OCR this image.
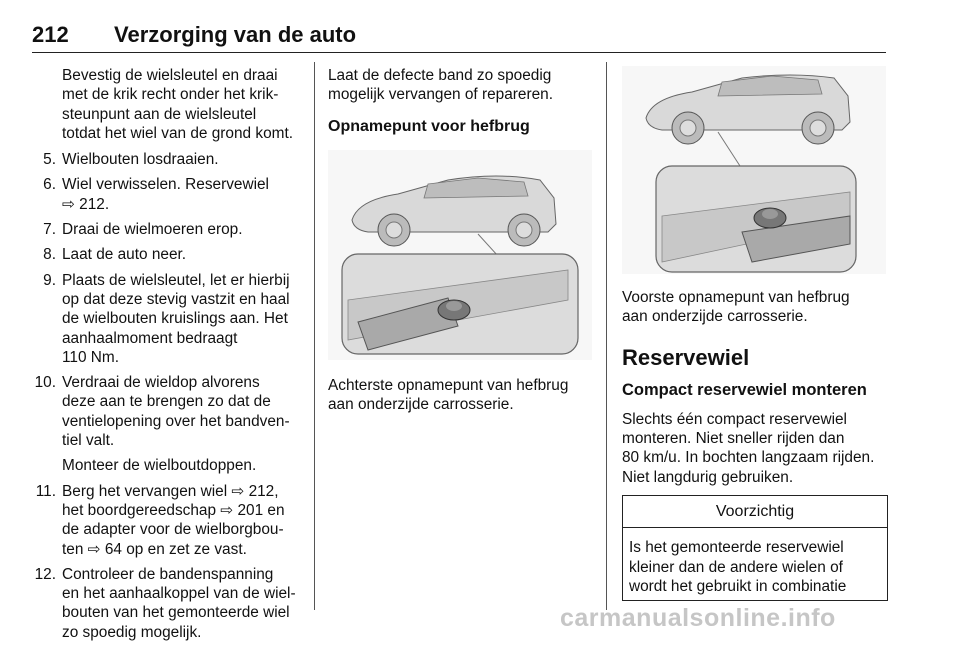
212 Verzorging van de auto
Bevestig de wielsleutel en draai
met de krik recht onder het krik-
steunpunt aan de wielsleutel
totdat het wiel van de grond komt.
5. Wielbouten losdraaien.
6. Wiel verwisselen. Reservewiel
⇨ 212.
7. Draai de wielmoeren erop.
8. Laat de auto neer.
9. Plaats de wielsleutel, let er hierbij
op dat deze stevig vastzit en haal
de wielbouten kruislings aan. Het
aanhaalmoment bedraagt
110 Nm.
10. Verdraai de wieldop alvorens
deze aan te brengen zo dat de
ventielopening over het bandven-
tiel valt.
Monteer de wielboutdoppen.
11. Berg het vervangen wiel ⇨ 212,
het boordgereedschap ⇨ 201 en
de adapter voor de wielborgbou-
ten ⇨ 64 op en zet ze vast.
12. Controleer de bandenspanning
en het aanhaalkoppel van de wiel-
bouten van het gemonteerde wiel
zo spoedig mogelijk.
Laat de defecte band zo spoedig
mogelijk vervangen of repareren.
Opnamepunt voor hefbrug
Achterste opnamepunt van hefbrug
aan onderzijde carrosserie.
Voorste opnamepunt van hefbrug
aan onderzijde carrosserie.
Reservewiel
Compact reservewiel monteren
Slechts één compact reservewiel
monteren. Niet sneller rijden dan
80 km/u. In bochten langzaam rijden.
Niet langdurig gebruiken.
Voorzichtig
Is het gemonteerde reservewiel
kleiner dan de andere wielen of
wordt het gebruikt in combinatie
carmanualsonline.info
